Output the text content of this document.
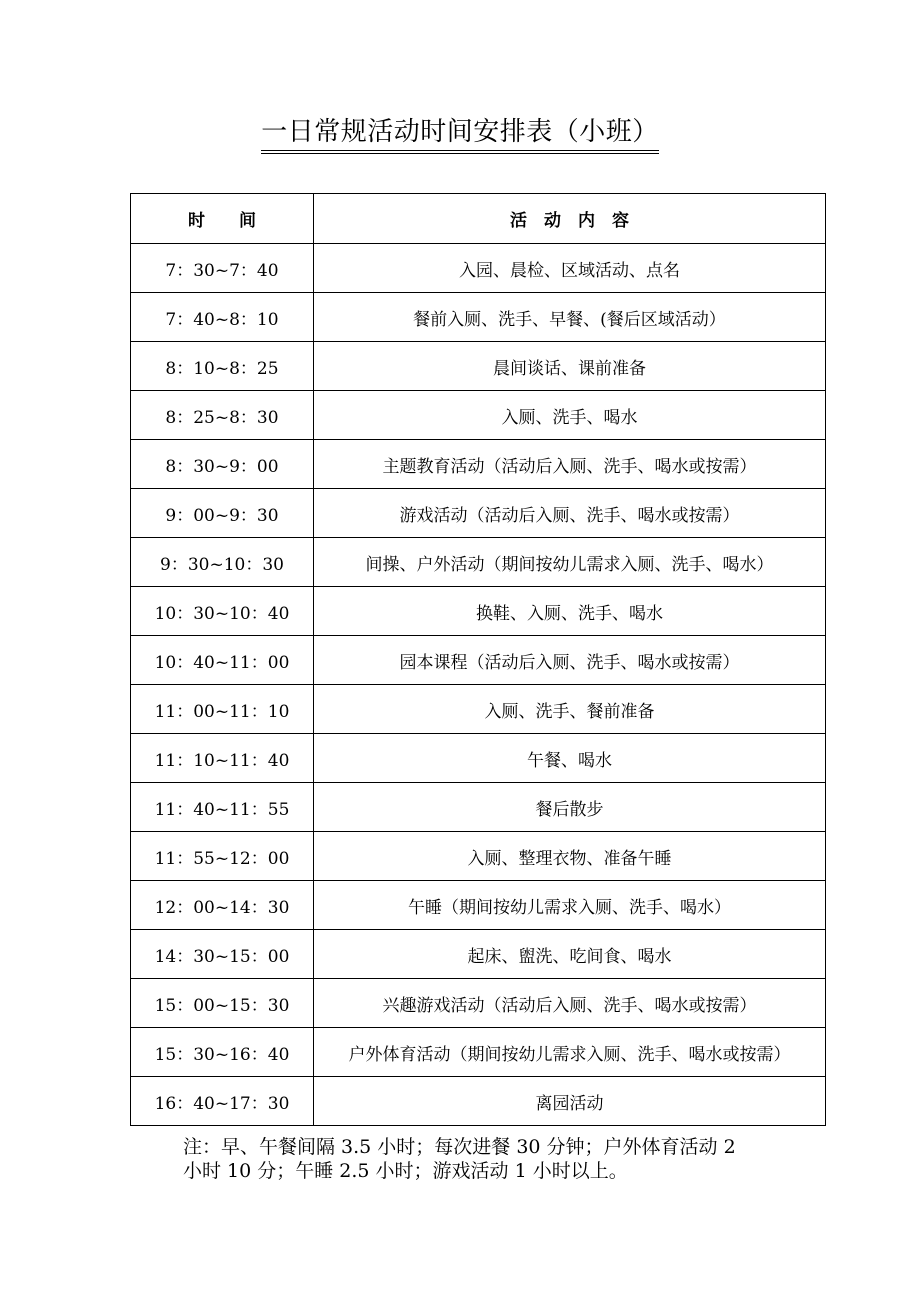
一日常规活动时间安排表（小班）
时　　间	活　动　内　容
7：30~7：40	入园、晨检、区域活动、点名
7：40~8：10	餐前入厕、洗手、早餐、(餐后区域活动）
8：10~8：25	晨间谈话、课前准备
8：25~8：30	入厕、洗手、喝水
8：30~9：00	主题教育活动（活动后入厕、洗手、喝水或按需）
9：00~9：30	游戏活动（活动后入厕、洗手、喝水或按需）
9：30~10：30	间操、户外活动（期间按幼儿需求入厕、洗手、喝水）
10：30~10：40	换鞋、入厕、洗手、喝水
10：40~11：00	园本课程（活动后入厕、洗手、喝水或按需）
11：00~11：10	入厕、洗手、餐前准备
11：10~11：40	午餐、喝水
11：40~11：55	餐后散步
11：55~12：00	入厕、整理衣物、准备午睡
12：00~14：30	午睡（期间按幼儿需求入厕、洗手、喝水）
14：30~15：00	起床、盥洗、吃间食、喝水
15：00~15：30	兴趣游戏活动（活动后入厕、洗手、喝水或按需）
15：30~16：40	户外体育活动（期间按幼儿需求入厕、洗手、喝水或按需）
16：40~17：30	离园活动
注：早、午餐间隔 3.5 小时；每次进餐 30 分钟；户外体育活动 2
小时 10 分；午睡 2.5 小时；游戏活动 1 小时以上。
